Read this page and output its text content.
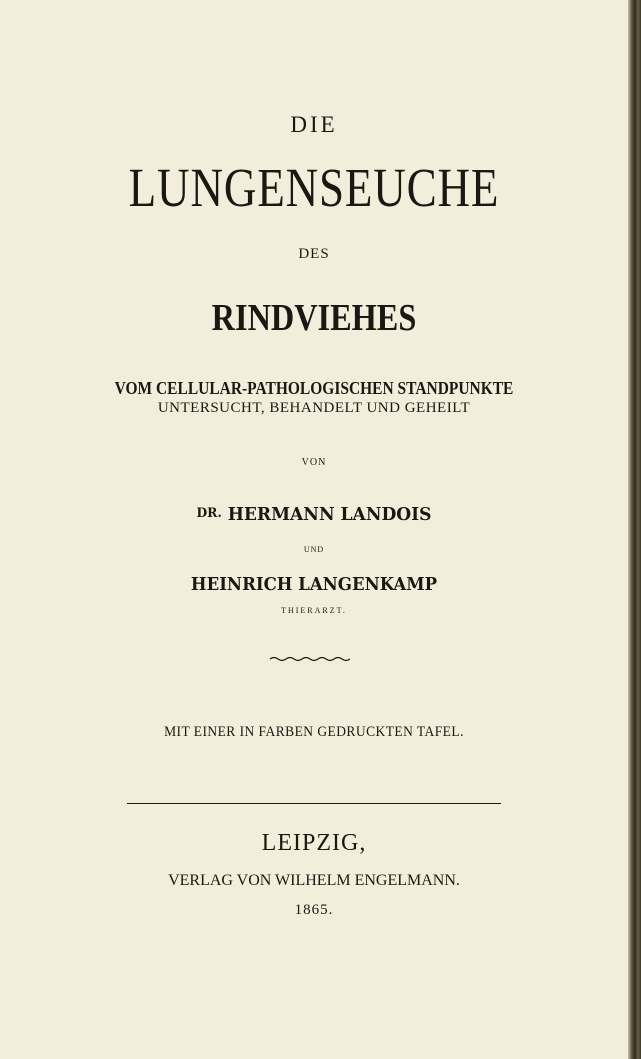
DIE
LUNGENSEUCHE
DES
RINDVIEHES
VOM CELLULAR-PATHOLOGISCHEN STANDPUNKTE
UNTERSUCHT, BEHANDELT UND GEHEILT
VON
DR. HERMANN LANDOIS
UND
HEINRICH LANGENKAMP
THIERARZT.
MIT EINER IN FARBEN GEDRUCKTEN TAFEL.
LEIPZIG,
VERLAG VON WILHELM ENGELMANN.
1865.
